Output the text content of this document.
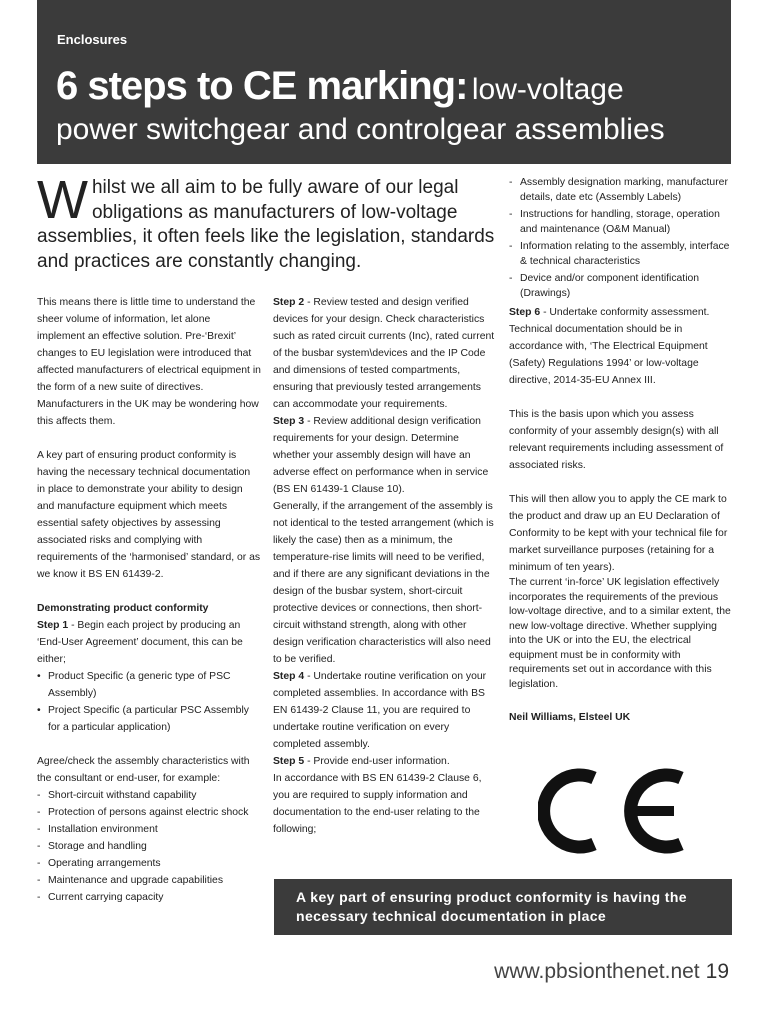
Enclosures
6 steps to CE marking: low-voltage
power switchgear and controlgear assemblies
Whilst we all aim to be fully aware of our legal obligations as manufacturers of low-voltage assemblies, it often feels like the legislation, standards and practices are constantly changing.

This means there is little time to understand the sheer volume of information, let alone implement an effective solution. Pre-‘Brexit’ changes to EU legislation were introduced that affected manufacturers of electrical equipment in the form of a new suite of directives. Manufacturers in the UK may be wondering how this affects them.

A key part of ensuring product conformity is having the necessary technical documentation in place to demonstrate your ability to design and manufacture equipment which meets essential safety objectives by assessing associated risks and complying with requirements of the ‘harmonised’ standard, or as we know it BS EN 61439-2.

Demonstrating product conformity

Step 1 - Begin each project by producing an ‘End-User Agreement’ document, this can be either;

• Product Specific (a generic type of PSC Assembly)
• Project Specific (a particular PSC Assembly for a particular application)

Agree/check the assembly characteristics with the consultant or end-user, for example:

- Short-circuit withstand capability
- Protection of persons against electric shock
- Installation environment
- Storage and handling
- Operating arrangements
- Maintenance and upgrade capabilities
- Current carrying capacity

Step 2 - Review tested and design verified devices for your design. Check characteristics such as rated circuit currents (Inc), rated current of the busbar system\devices and the IP Code and dimensions of tested compartments, ensuring that previously tested arrangements can accommodate your requirements.

Step 3 - Review additional design verification requirements for your design. Determine whether your assembly design will have an adverse effect on performance when in service (BS EN 61439-1 Clause 10).

Generally, if the arrangement of the assembly is not identical to the tested arrangement (which is likely the case) then as a minimum, the temperature-rise limits will need to be verified, and if there are any significant deviations in the design of the busbar system, short-circuit protective devices or connections, then short-circuit withstand strength, along with other design verification characteristics will also need to be verified.

Step 4 - Undertake routine verification on your completed assemblies. In accordance with BS EN 61439-2 Clause 11, you are required to undertake routine verification on every completed assembly.

Step 5 - Provide end-user information.

In accordance with BS EN 61439-2 Clause 6, you are required to supply information and documentation to the end-user relating to the following;

- Assembly designation marking, manufacturer details, date etc (Assembly Labels)
- Instructions for handling, storage, operation and maintenance (O&M Manual)
- Information relating to the assembly, interface & technical characteristics
- Device and/or component identification (Drawings)

Step 6 - Undertake conformity assessment. Technical documentation should be in accordance with, ‘The Electrical Equipment (Safety) Regulations 1994’ or low-voltage directive, 2014-35-EU Annex III.

This is the basis upon which you assess conformity of your assembly design(s) with all relevant requirements including assessment of associated risks.

This will then allow you to apply the CE mark to the product and draw up an EU Declaration of Conformity to be kept with your technical file for market surveillance purposes (retaining for a minimum of ten years).

The current ‘in-force’ UK legislation effectively incorporates the requirements of the previous low-voltage directive, and to a similar extent, the new low-voltage directive. Whether supplying into the UK or into the EU, the electrical equipment must be in conformity with requirements set out in accordance with this legislation.

Neil Williams, Elsteel UK

A key part of ensuring product conformity is having the necessary technical documentation in place
www.pbsionthenet.net 19
